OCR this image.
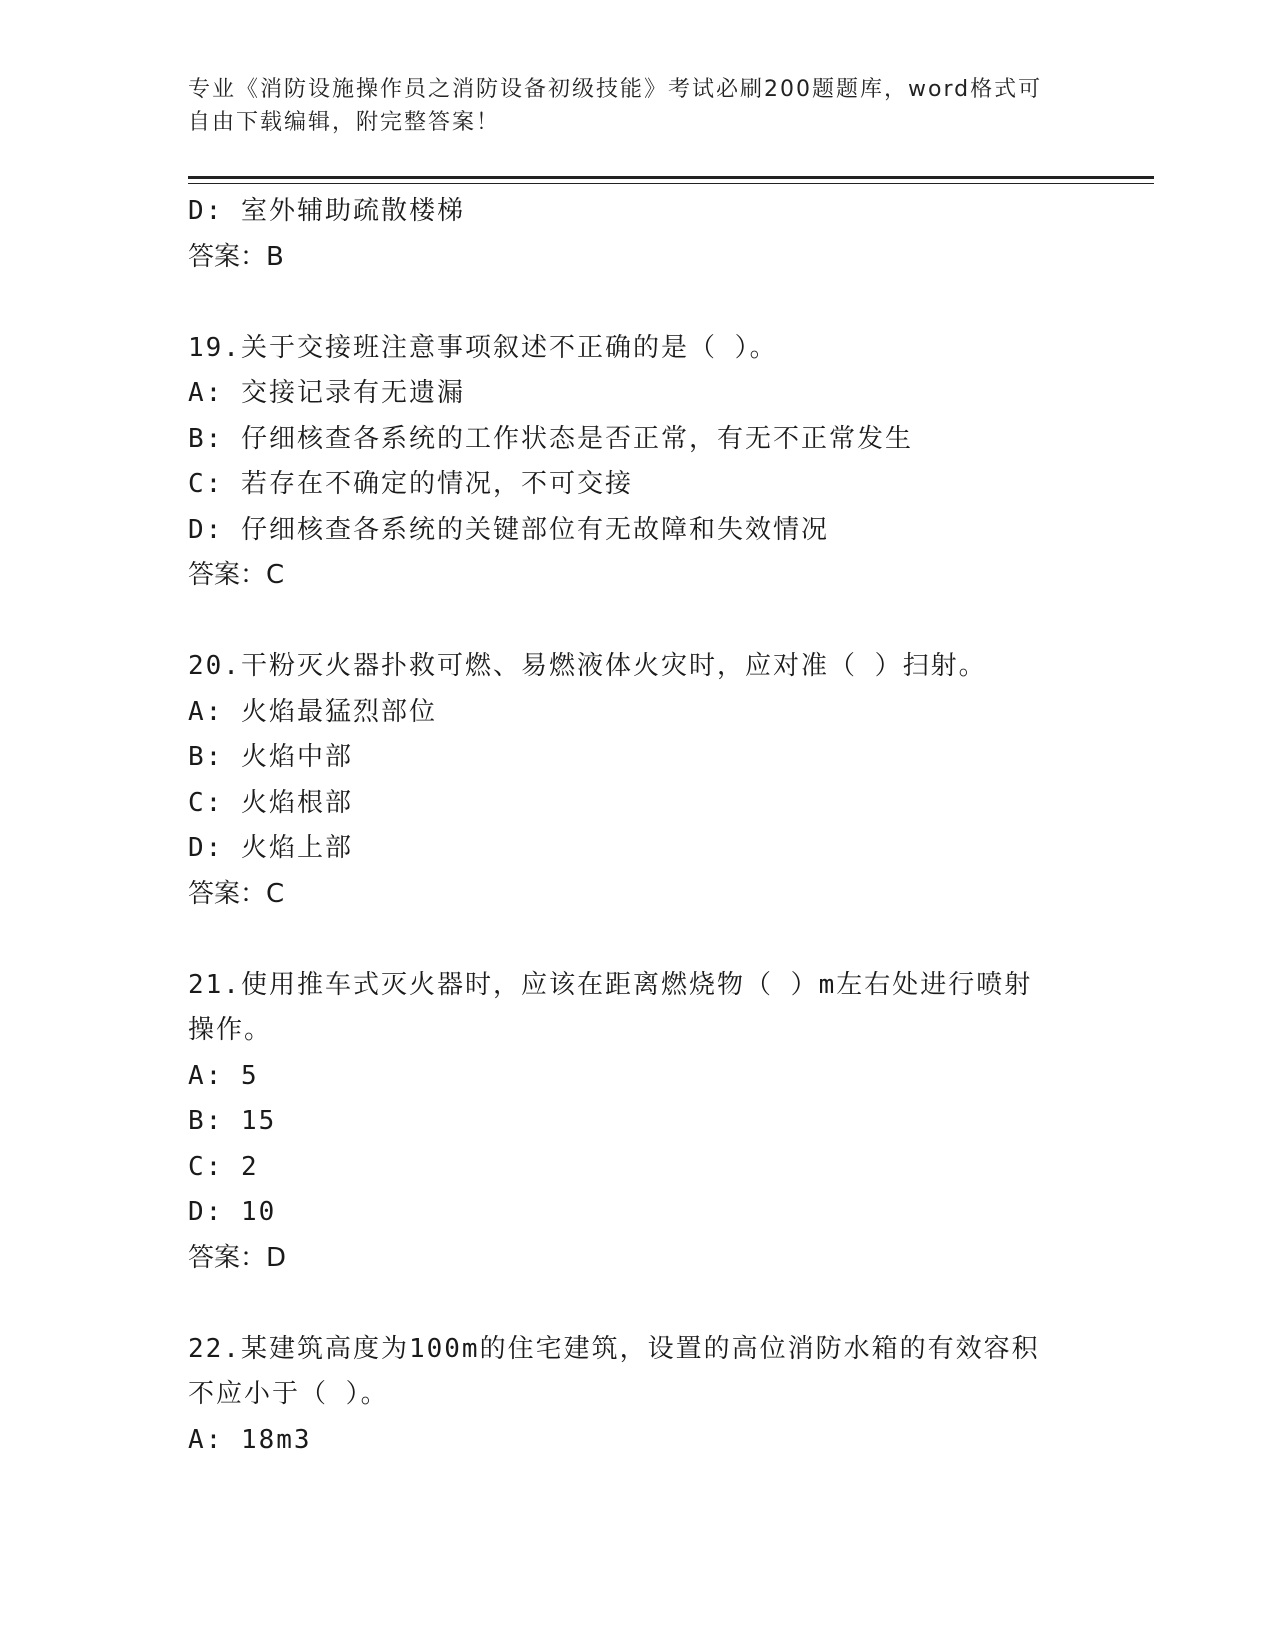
专业《消防设施操作员之消防设备初级技能》考试必刷200题题库，word格式可
自由下载编辑，附完整答案！
D: 室外辅助疏散楼梯
答案：B
19.关于交接班注意事项叙述不正确的是（ ）。
A: 交接记录有无遗漏
B: 仔细核查各系统的工作状态是否正常，有无不正常发生
C: 若存在不确定的情况，不可交接
D: 仔细核查各系统的关键部位有无故障和失效情况
答案：C
20.干粉灭火器扑救可燃、易燃液体火灾时，应对准（ ）扫射。
A: 火焰最猛烈部位
B: 火焰中部
C: 火焰根部
D: 火焰上部
答案：C
21.使用推车式灭火器时，应该在距离燃烧物（ ）m左右处进行喷射
操作。
A: 5
B: 15
C: 2
D: 10
答案：D
22.某建筑高度为100m的住宅建筑，设置的高位消防水箱的有效容积
不应小于（ ）。
A: 18m3
